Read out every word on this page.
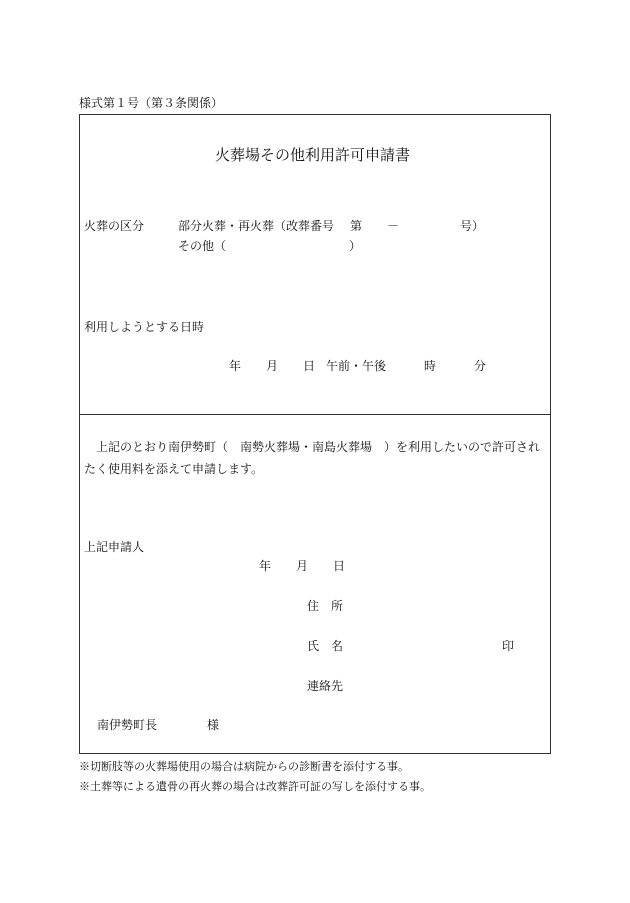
様式第１号（第３条関係）
火葬場その他利用許可申請書
火葬の区分	部分火葬・再火葬（改葬番号 第 －	号）
その他（	）
利用しようとする日時
年 月 日 午前・午後	時	分
上記のとおり南伊勢町（　南勢火葬場・南島火葬場　）を利用したいので許可されたく使用料を添えて申請します。
上記申請人
年 月 日
住　所
氏　名	印
連絡先
南伊勢町長	様
※切断肢等の火葬場使用の場合は病院からの診断書を添付する事。
※土葬等による遺骨の再火葬の場合は改葬許可証の写しを添付する事。
